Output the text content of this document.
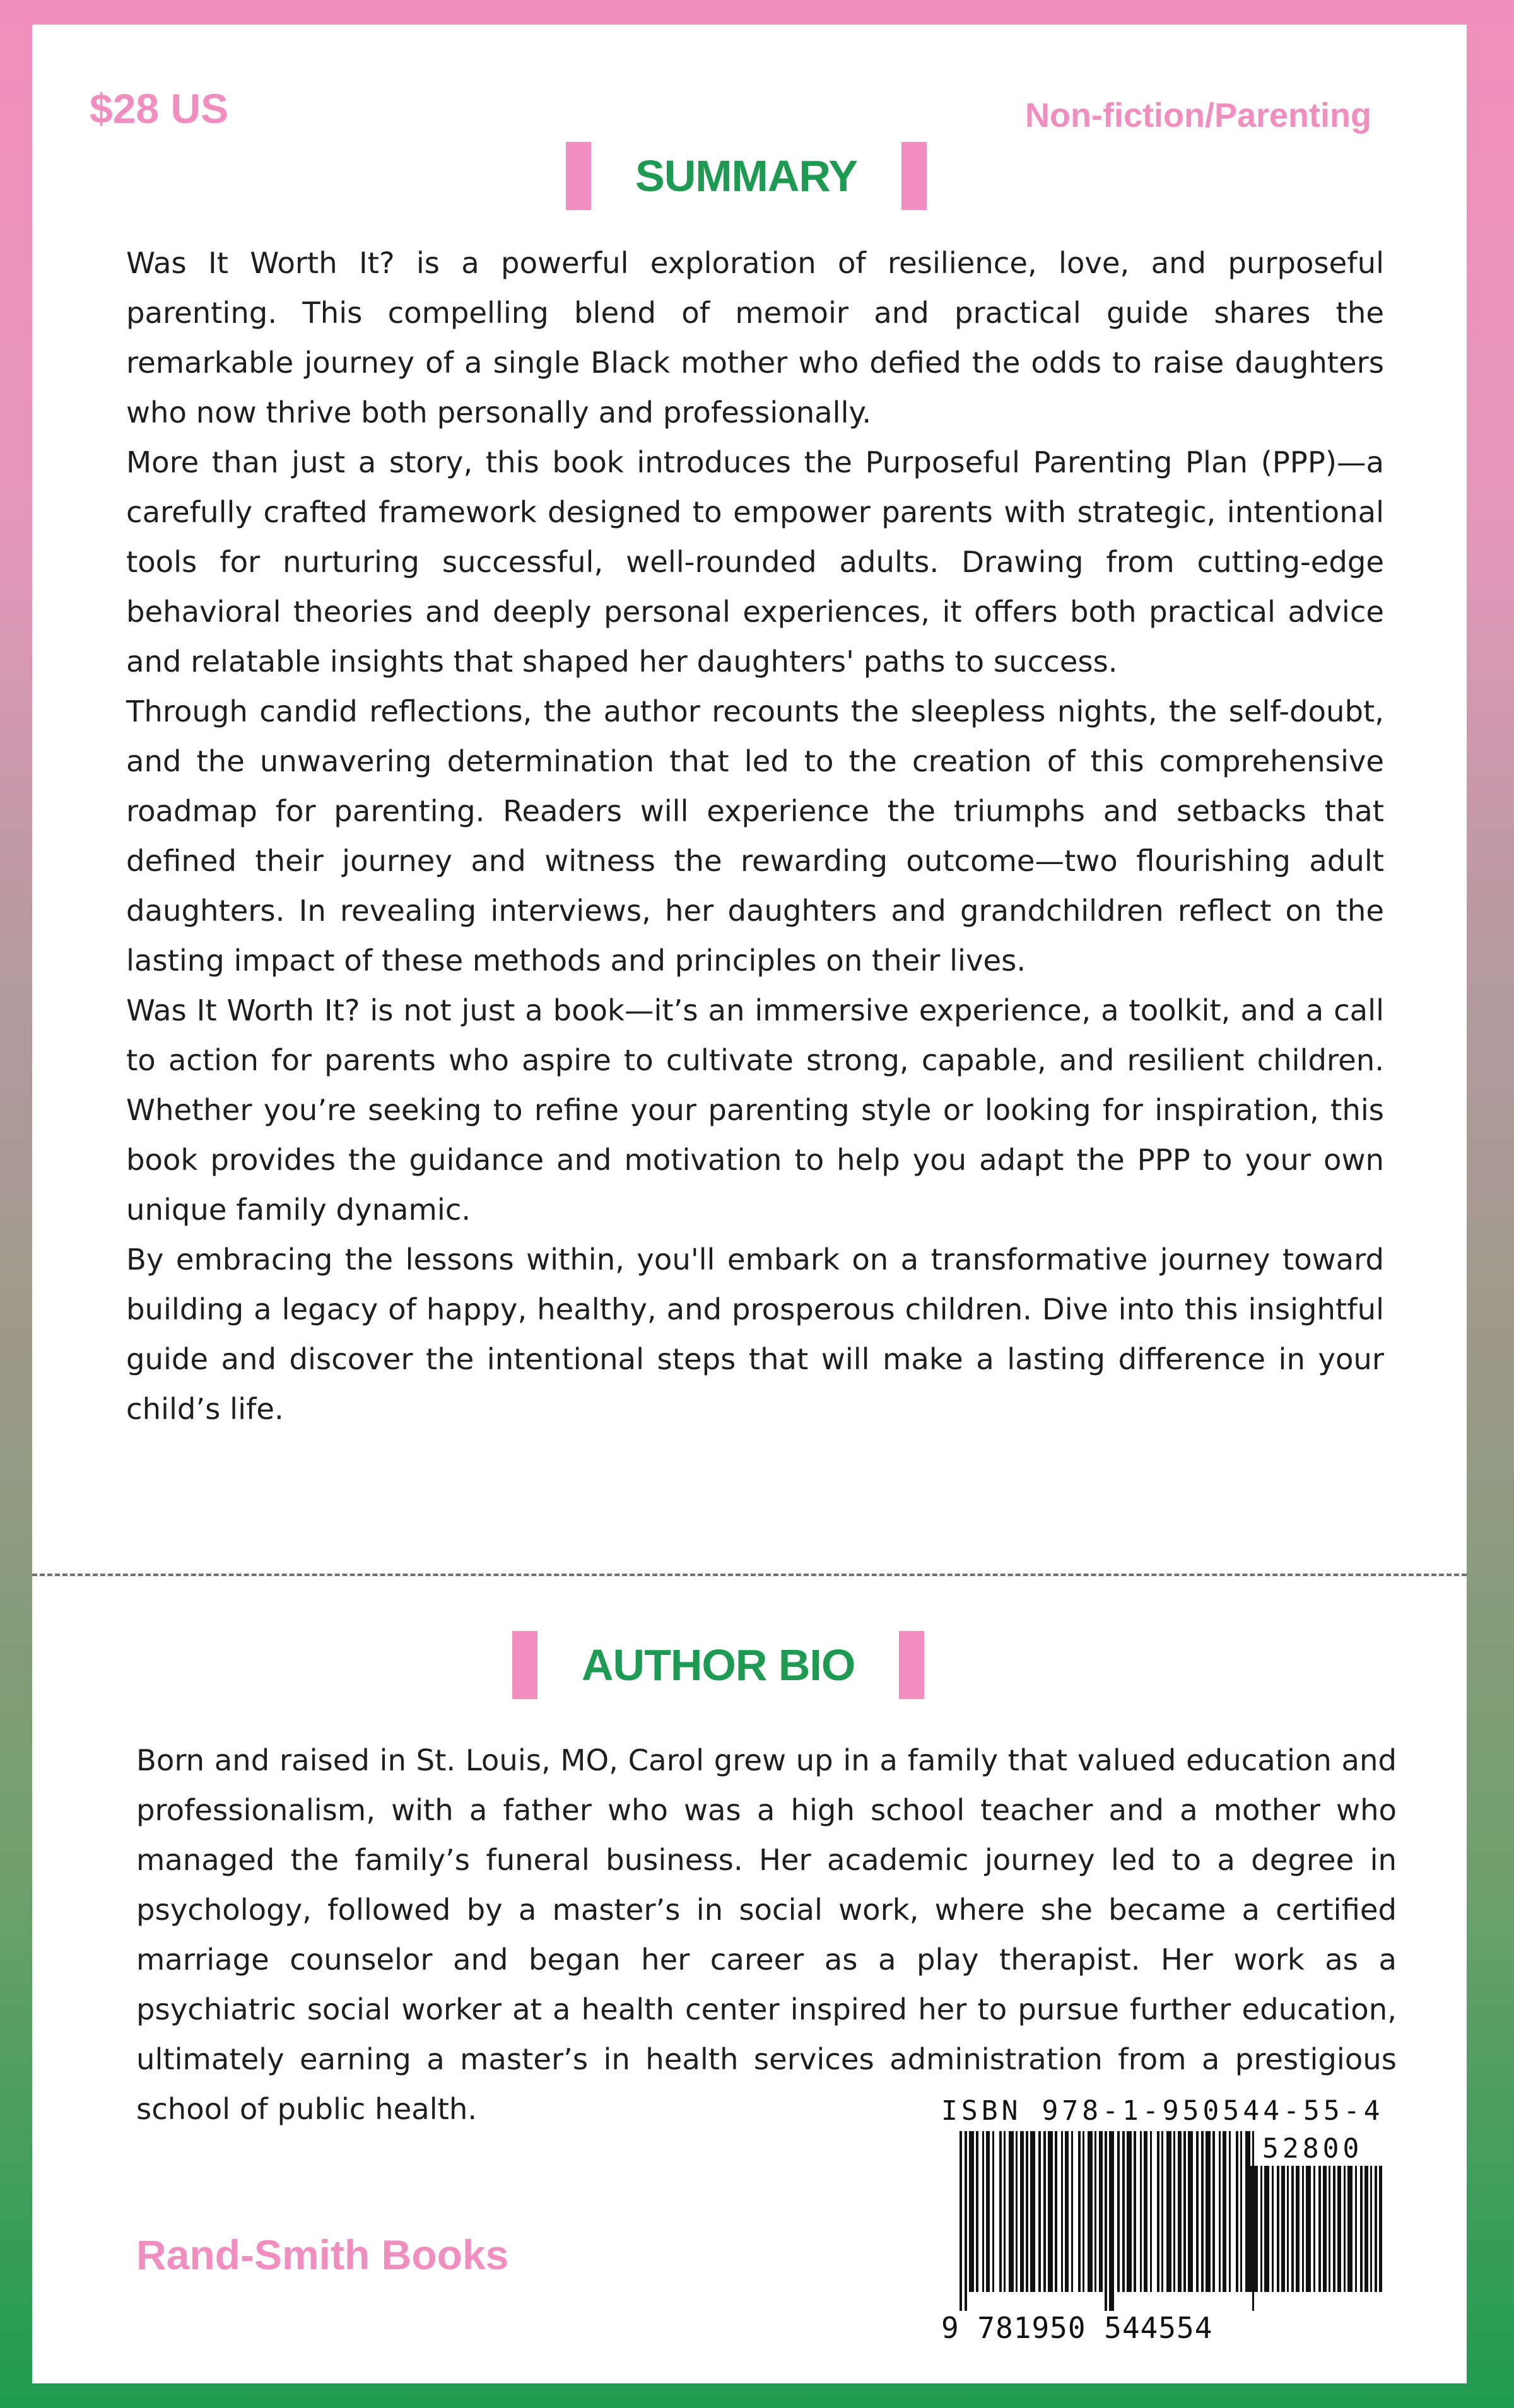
$28 US	Non-fiction/Parenting
SUMMARY

Was It Worth It? is a powerful exploration of resilience, love, and purposeful parenting. This compelling blend of memoir and practical guide shares the remarkable journey of a single Black mother who defied the odds to raise daughters who now thrive both personally and professionally.

More than just a story, this book introduces the Purposeful Parenting Plan (PPP)—a carefully crafted framework designed to empower parents with strategic, intentional tools for nurturing successful, well-rounded adults. Drawing from cutting-edge behavioral theories and deeply personal experiences, it offers both practical advice and relatable insights that shaped her daughters' paths to success.

Through candid reflections, the author recounts the sleepless nights, the self-doubt, and the unwavering determination that led to the creation of this comprehensive roadmap for parenting. Readers will experience the triumphs and setbacks that defined their journey and witness the rewarding outcome—two flourishing adult daughters. In revealing interviews, her daughters and grandchildren reflect on the lasting impact of these methods and principles on their lives.

Was It Worth It? is not just a book—it’s an immersive experience, a toolkit, and a call to action for parents who aspire to cultivate strong, capable, and resilient children. Whether you’re seeking to refine your parenting style or looking for inspiration, this book provides the guidance and motivation to help you adapt the PPP to your own unique family dynamic.

By embracing the lessons within, you'll embark on a transformative journey toward building a legacy of happy, healthy, and prosperous children. Dive into this insightful guide and discover the intentional steps that will make a lasting difference in your child’s life.

AUTHOR BIO

Born and raised in St. Louis, MO, Carol grew up in a family that valued education and professionalism, with a father who was a high school teacher and a mother who managed the family’s funeral business. Her academic journey led to a degree in psychology, followed by a master’s in social work, where she became a certified marriage counselor and began her career as a play therapist. Her work as a psychiatric social worker at a health center inspired her to pursue further education, ultimately earning a master’s in health services administration from a prestigious school of public health.

Rand-Smith Books
ISBN 978-1-950544-55-4
52800
9 781950 544554
